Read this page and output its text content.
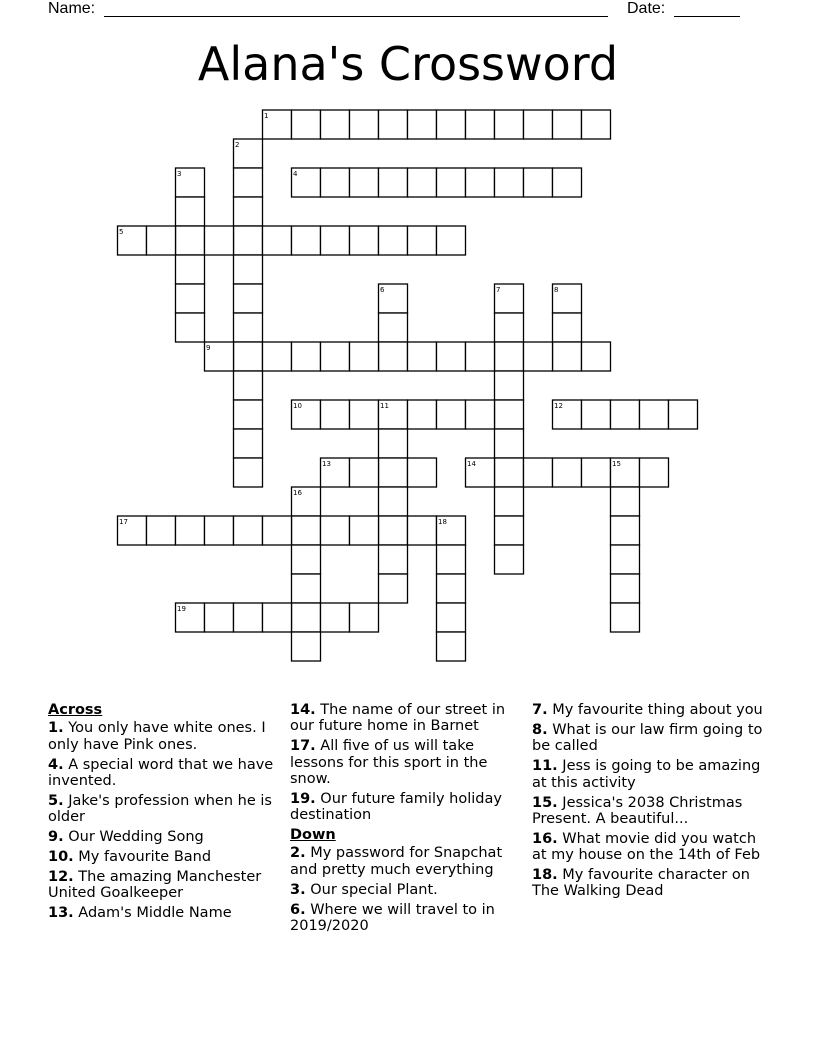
Name:	Date:
Alana's Crossword
1
2
3	4
5
6	7	8
9
10	11	12
13	14	15
16
17	18
19
Across
1. You only have white ones. I only have Pink ones.
4. A special word that we have invented.
5. Jake's profession when he is older
9. Our Wedding Song
10. My favourite Band
12. The amazing Manchester United Goalkeeper
13. Adam's Middle Name
14. The name of our street in our future home in Barnet
17. All five of us will take lessons for this sport in the snow.
19. Our future family holiday destination
Down
2. My password for Snapchat and pretty much everything
3. Our special Plant.
6. Where we will travel to in 2019/2020
7. My favourite thing about you
8. What is our law firm going to be called
11. Jess is going to be amazing at this activity
15. Jessica's 2038 Christmas Present. A beautiful...
16. What movie did you watch at my house on the 14th of Feb
18. My favourite character on The Walking Dead
